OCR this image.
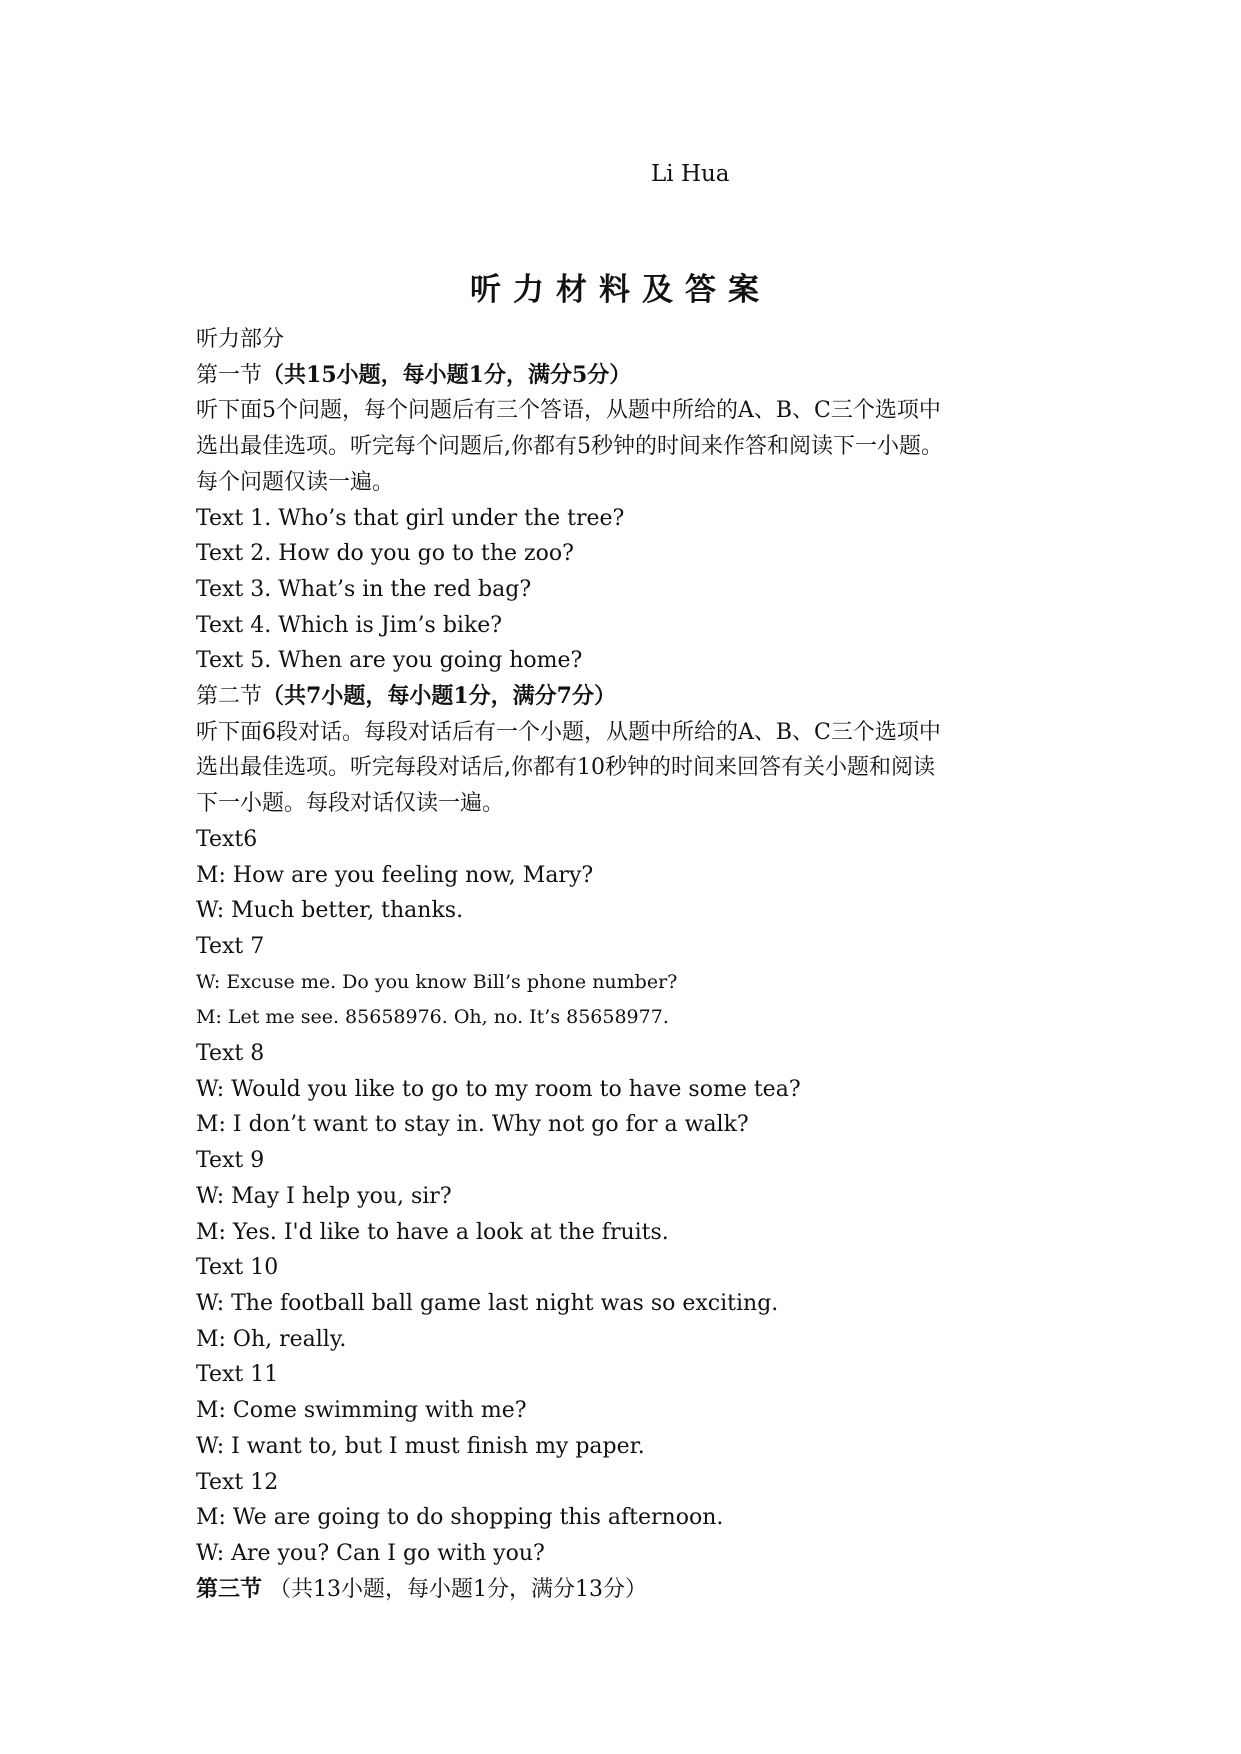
Li Hua
听力材料及答案
听力部分
第一节（共15小题，每小题1分，满分5分）
听下面5个问题，每个问题后有三个答语，从题中所给的A、B、C三个选项中
选出最佳选项。听完每个问题后,你都有5秒钟的时间来作答和阅读下一小题。
每个问题仅读一遍。
Text 1. Who’s that girl under the tree?
Text 2. How do you go to the zoo?
Text 3. What’s in the red bag?
Text 4. Which is Jim’s bike?
Text 5. When are you going home?
第二节（共7小题，每小题1分，满分7分）
听下面6段对话。每段对话后有一个小题，从题中所给的A、B、C三个选项中
选出最佳选项。听完每段对话后,你都有10秒钟的时间来回答有关小题和阅读
下一小题。每段对话仅读一遍。
Text6
M: How are you feeling now, Mary?
W: Much better, thanks.
Text 7
W: Excuse me. Do you know Bill’s phone number?
M: Let me see. 85658976. Oh, no. It’s 85658977.
Text 8
W: Would you like to go to my room to have some tea?
M: I don’t want to stay in. Why not go for a walk?
Text 9
W: May I help you, sir?
M: Yes. I'd like to have a look at the fruits.
Text 10
W: The football ball game last night was so exciting.
M: Oh, really.
Text 11
M: Come swimming with me?
W: I want to, but I must finish my paper.
Text 12
M: We are going to do shopping this afternoon.
W: Are you? Can I go with you?
第三节 （共13小题，每小题1分，满分13分）
